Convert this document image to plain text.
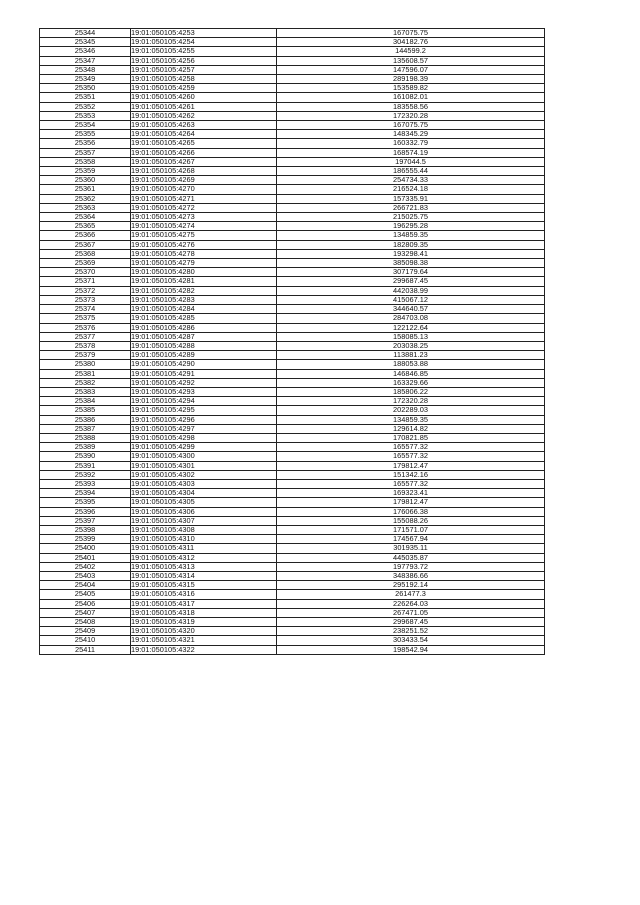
25344	19:01:050105:4253	167075.75
25345	19:01:050105:4254	304182.76
25346	19:01:050105:4255	144599.2
25347	19:01:050105:4256	135608.57
25348	19:01:050105:4257	147596.07
25349	19:01:050105:4258	289198.39
25350	19:01:050105:4259	153589.82
25351	19:01:050105:4260	161082.01
25352	19:01:050105:4261	183558.56
25353	19:01:050105:4262	172320.28
25354	19:01:050105:4263	167075.75
25355	19:01:050105:4264	148345.29
25356	19:01:050105:4265	160332.79
25357	19:01:050105:4266	168574.19
25358	19:01:050105:4267	197044.5
25359	19:01:050105:4268	186555.44
25360	19:01:050105:4269	254734.33
25361	19:01:050105:4270	216524.18
25362	19:01:050105:4271	157335.91
25363	19:01:050105:4272	266721.83
25364	19:01:050105:4273	215025.75
25365	19:01:050105:4274	196295.28
25366	19:01:050105:4275	134859.35
25367	19:01:050105:4276	182809.35
25368	19:01:050105:4278	193298.41
25369	19:01:050105:4279	385098.38
25370	19:01:050105:4280	307179.64
25371	19:01:050105:4281	299687.45
25372	19:01:050105:4282	442038.99
25373	19:01:050105:4283	415067.12
25374	19:01:050105:4284	344640.57
25375	19:01:050105:4285	284703.08
25376	19:01:050105:4286	122122.64
25377	19:01:050105:4287	158085.13
25378	19:01:050105:4288	203038.25
25379	19:01:050105:4289	113881.23
25380	19:01:050105:4290	188053.88
25381	19:01:050105:4291	146846.85
25382	19:01:050105:4292	163329.66
25383	19:01:050105:4293	185806.22
25384	19:01:050105:4294	172320.28
25385	19:01:050105:4295	202289.03
25386	19:01:050105:4296	134859.35
25387	19:01:050105:4297	129614.82
25388	19:01:050105:4298	170821.85
25389	19:01:050105:4299	165577.32
25390	19:01:050105:4300	165577.32
25391	19:01:050105:4301	179812.47
25392	19:01:050105:4302	151342.16
25393	19:01:050105:4303	165577.32
25394	19:01:050105:4304	169323.41
25395	19:01:050105:4305	179812.47
25396	19:01:050105:4306	176066.38
25397	19:01:050105:4307	155088.26
25398	19:01:050105:4308	171571.07
25399	19:01:050105:4310	174567.94
25400	19:01:050105:4311	301935.11
25401	19:01:050105:4312	445035.87
25402	19:01:050105:4313	197793.72
25403	19:01:050105:4314	348386.66
25404	19:01:050105:4315	295192.14
25405	19:01:050105:4316	261477.3
25406	19:01:050105:4317	226264.03
25407	19:01:050105:4318	267471.05
25408	19:01:050105:4319	299687.45
25409	19:01:050105:4320	238251.52
25410	19:01:050105:4321	303433.54
25411	19:01:050105:4322	198542.94
